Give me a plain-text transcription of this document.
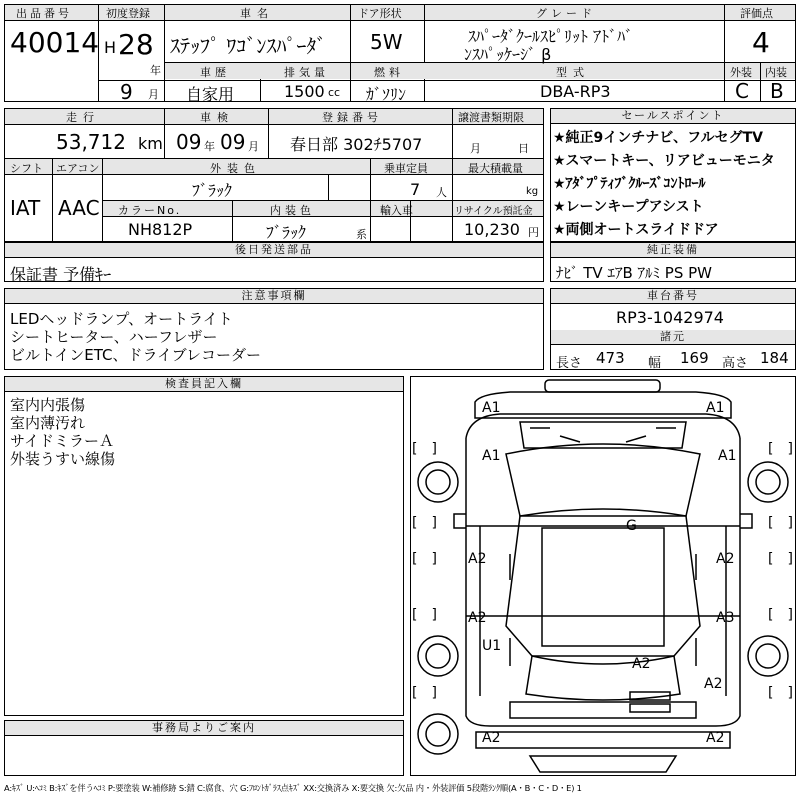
出品番号
40014
初度登録
H 28
年
9 月
車名
ｽﾃｯﾌﾟ ﾜｺﾞﾝｽﾊﾟｰﾀﾞ
ドア形状
5W
グレード
ｽﾊﾟｰﾀﾞｸｰﾙｽﾋﾟﾘｯﾄ ｱﾄﾞﾊﾞ
ﾝｽﾊﾟｯｹｰｼﾞ β
評価点
4
車歴
自家用
排気量
1500 cc
燃料
ｶﾞｿﾘﾝ
型式
DBA-RP3
外装 内装
C B
走行
53,712 km
車検
09 年 09 月
登録番号
春日部 302ﾁ5707
譲渡書類期限
月	日
シフト
IAT
エアコン
AAC
外装色
ﾌﾞﾗｯｸ
乗車定員
7 人
最大積載量
kg
カラーNo.
NH812P
内装色
ﾌﾞﾗｯｸ	系
輸入車	リサイクル預託金
10,230 円
後日発送部品
保証書 予備ｷｰ
セールスポイント
★純正9インチナビ、フルセグTV
★スマートキー、リアビューモニタ
★ｱﾀﾞﾌﾟﾃｨﾌﾞｸﾙｰｽﾞｺﾝﾄﾛｰﾙ
★レーンキープアシスト
★両側オートスライドドア
純正装備
ﾅﾋﾞ TV ｴｱB ｱﾙﾐ PS PW
注意事項欄
LEDヘッドランプ、オートライト
シートヒーター、ハーフレザー
ビルトインETC、ドライブレコーダー
車台番号
RP3-1042974
諸元
長さ 473 幅 169 高さ 184
検査員記入欄
室内内張傷
室内薄汚れ
サイドミラーＡ
外装うすい線傷
事務局よりご案内
[　]	[　]
[　]	[　]
[　]	[　]
[　]	[　]
[　]	[　]
A1	A1
A1
G
A1
A2	A2
A3
U1
A2
A2
A2
A2	A2
A:ｷｽﾞ U:ﾍｺﾐ B:ｷｽﾞを伴うﾍｺﾐ P:要塗装 W:補修跡 S:錆 C:腐食、穴 G:ﾌﾛﾝﾄｶﾞﾗｽ点ｷｽﾞ XX:交換済み X:要交換 欠:欠品 内・外装評価 5段階ﾗﾝｸ順(A・B・C・D・E) 1
